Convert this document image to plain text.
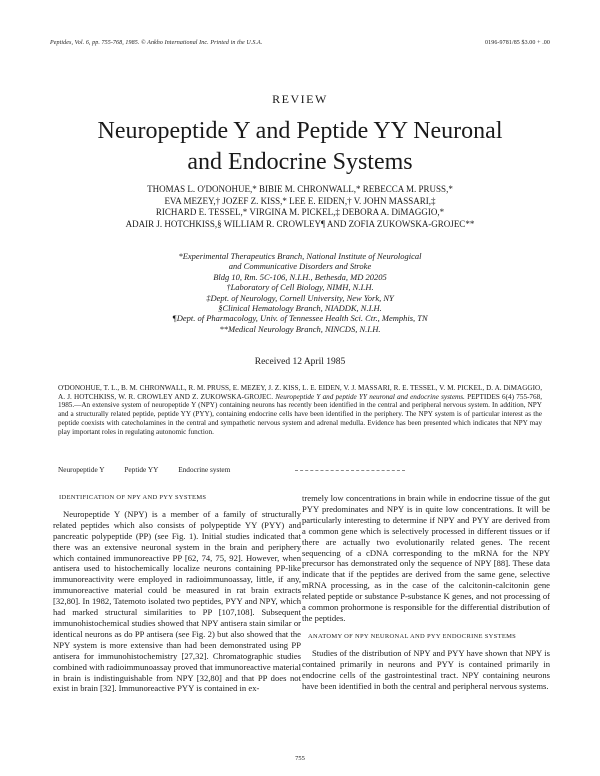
Peptides, Vol. 6, pp. 755-768, 1985. © Ankho International Inc. Printed in the U.S.A.	0196-9781/85 $3.00 + .00
REVIEW
Neuropeptide Y and Peptide YY Neuronal
and Endocrine Systems
THOMAS L. O'DONOHUE,* BIBIE M. CHRONWALL,* REBECCA M. PRUSS,*
EVA MEZEY,† JOZEF Z. KISS,* LEE E. EIDEN,† V. JOHN MASSARI,‡
RICHARD E. TESSEL,* VIRGINA M. PICKEL,‡ DEBORA A. DiMAGGIO,*
ADAIR J. HOTCHKISS,§ WILLIAM R. CROWLEY¶ AND ZOFIA ZUKOWSKA-GROJEC**
*Experimental Therapeutics Branch, National Institute of Neurological
and Communicative Disorders and Stroke
Bldg 10, Rm. 5C-106, N.I.H., Bethesda, MD 20205
†Laboratory of Cell Biology, NIMH, N.I.H.
‡Dept. of Neurology, Cornell University, New York, NY
§Clinical Hematology Branch, NIADDK, N.I.H.
¶Dept. of Pharmacology, Univ. of Tennessee Health Sci. Ctr., Memphis, TN
**Medical Neurology Branch, NINCDS, N.I.H.
Received 12 April 1985
O'DONOHUE, T. L., B. M. CHRONWALL, R. M. PRUSS, E. MEZEY, J. Z. KISS, L. E. EIDEN, V. J. MASSARI, R. E. TESSEL, V. M. PICKEL, D. A. DiMAGGIO, A. J. HOTCHKISS, W. R. CROWLEY AND Z. ZUKOWSKA-GROJEC. Neuropeptide Y and peptide YY neuronal and endocrine systems. PEPTIDES 6(4) 755-768, 1985.—An extensive system of neuropeptide Y (NPY) containing neurons has recently been identified in the central and peripheral nervous system. In addition, NPY and a structurally related peptide, peptide YY (PYY), containing endocrine cells have been identified in the periphery. The NPY system is of particular interest as the peptide coexists with catecholamines in the central and sympathetic nervous system and adrenal medulla. Evidence has been presented which indicates that NPY may play important roles in regulating autonomic function.
Neuropeptide Y	Peptide YY	Endocrine system
IDENTIFICATION OF NPY AND PYY SYSTEMS

Neuropeptide Y (NPY) is a member of a family of structurally related peptides which also consists of polypeptide YY (PYY) and pancreatic polypeptide (PP) (see Fig. 1). Initial studies indicated that there was an extensive neuronal system in the brain and periphery which contained immunoreactive PP [62, 74, 75, 92]. However, when antisera used to histochemically localize neurons containing PP-like immunoreactivity were employed in radioimmunoassay, little, if any, immunoreactive material could be measured in rat brain extracts [32,80]. In 1982, Tatemoto isolated two peptides, PYY and NPY, which had marked structural similarities to PP [107,108]. Subsequent immunohistochemical studies showed that NPY antisera stain similar or identical neurons as do PP antisera (see Fig. 2) but also showed that the NPY system is more extensive than had been demonstrated using PP antisera for immunohistochemistry [27,32]. Chromatographic studies combined with radioimmunoassay proved that immunoreactive material in brain is indistinguishable from NPY [32,80] and that PP does not exist in brain [32]. Immunoreactive PYY is contained in ex-

tremely low concentrations in brain while in endocrine tissue of the gut PYY predominates and NPY is in quite low concentrations. It will be particularly interesting to determine if NPY and PYY are derived from a common gene which is selectively processed in different tissues or if there are actually two evolutionarily related genes. The recent sequencing of a cDNA corresponding to the mRNA for the NPY precursor has demonstrated only the sequence of NPY [88]. These data indicate that if the peptides are derived from the same gene, selective mRNA processing, as in the case of the calcitonin-calcitonin gene related peptide or substance P-substance K genes, and not processing of a common prohormone is responsible for the differential distribution of the peptides.

ANATOMY OF NPY NEURONAL AND PYY ENDOCRINE SYSTEMS

Studies of the distribution of NPY and PYY have shown that NPY is contained primarily in neurons and PYY is contained primarily in endocrine cells of the gastrointestinal tract. NPY containing neurons have been identified in both the central and peripheral nervous systems.

755
